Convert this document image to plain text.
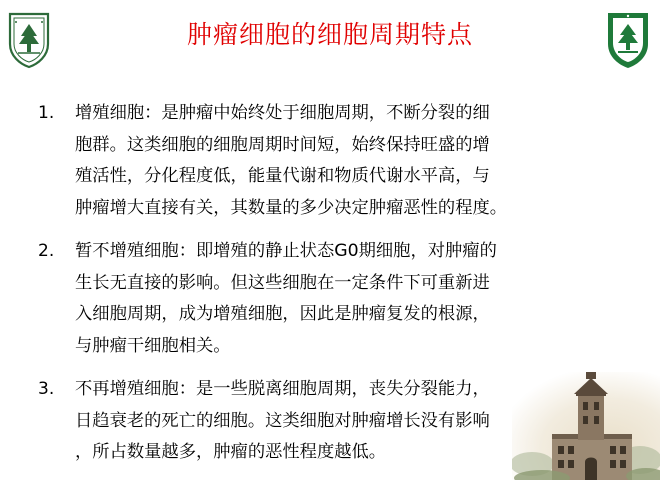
肿瘤细胞的细胞周期特点
1. 增殖细胞：是肿瘤中始终处于细胞周期，不断分裂的细
胞群。这类细胞的细胞周期时间短，始终保持旺盛的增
殖活性，分化程度低，能量代谢和物质代谢水平高，与
肿瘤增大直接有关，其数量的多少决定肿瘤恶性的程度。
2. 暂不增殖细胞：即增殖的静止状态G0期细胞，对肿瘤的
生长无直接的影响。但这些细胞在一定条件下可重新进
入细胞周期，成为增殖细胞，因此是肿瘤复发的根源，
与肿瘤干细胞相关。
3. 不再增殖细胞：是一些脱离细胞周期，丧失分裂能力，
日趋衰老的死亡的细胞。这类细胞对肿瘤增长没有影响
，所占数量越多，肿瘤的恶性程度越低。
